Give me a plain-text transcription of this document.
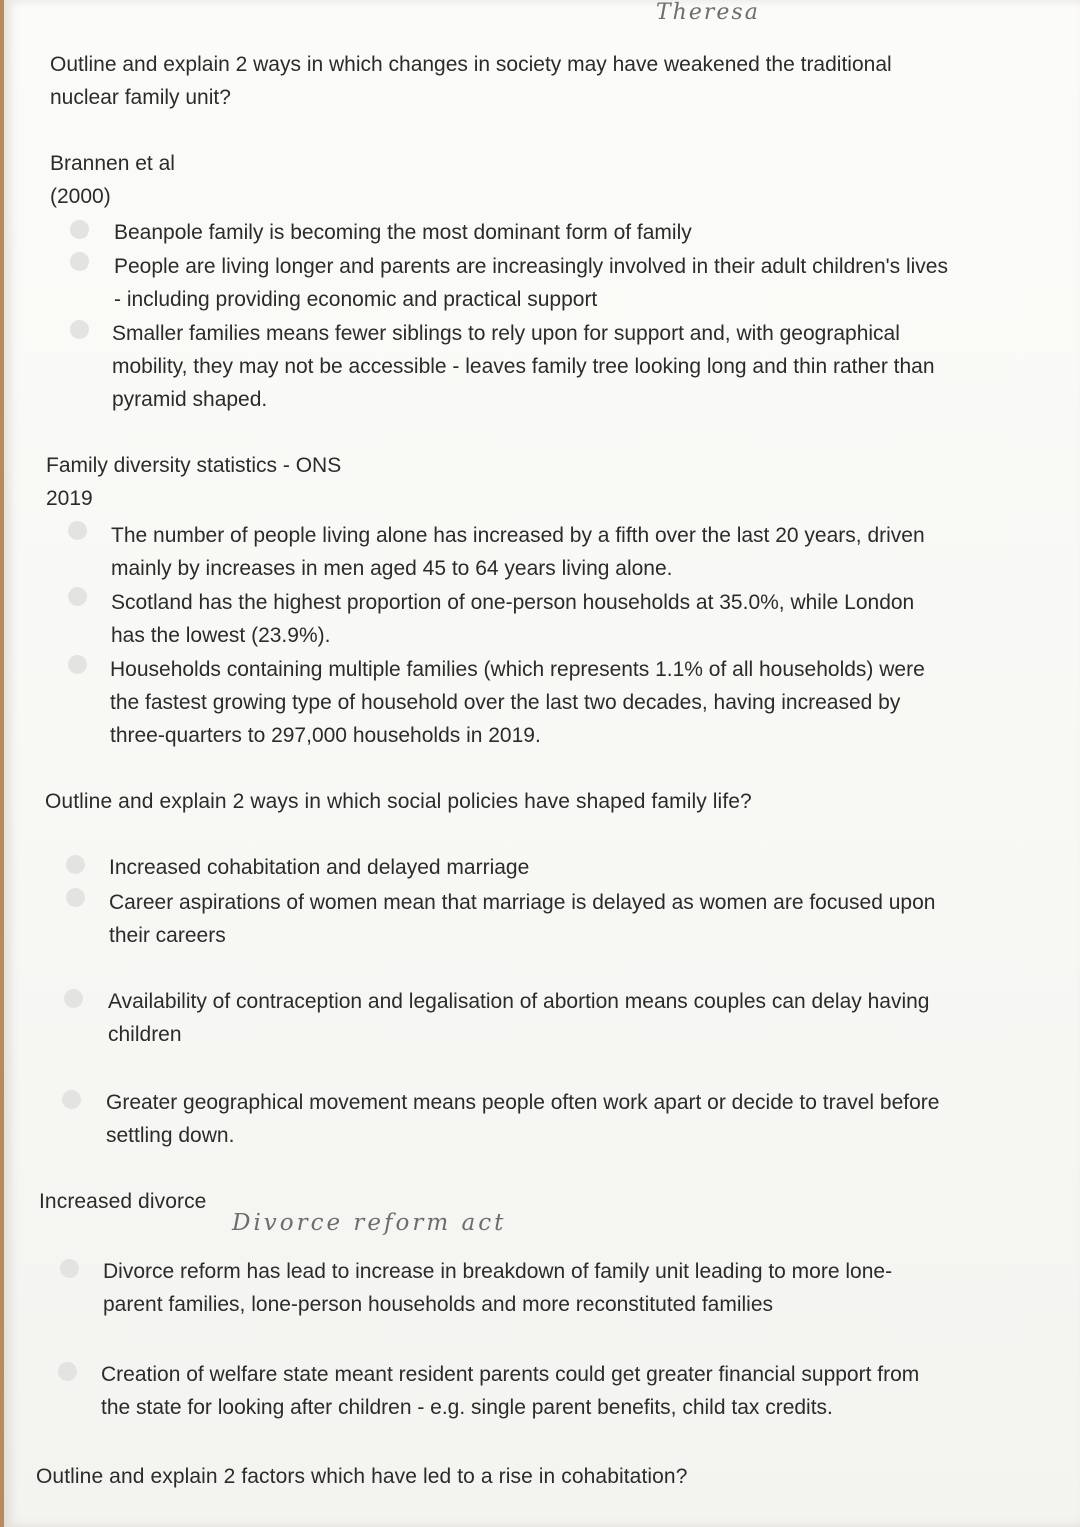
Theresa
Outline and explain 2 ways in which changes in society may have weakened the traditional
nuclear family unit?
Brannen et al
(2000)
Beanpole family is becoming the most dominant form of family
People are living longer and parents are increasingly involved in their adult children's lives
- including providing economic and practical support
Smaller families means fewer siblings to rely upon for support and, with geographical
mobility, they may not be accessible - leaves family tree looking long and thin rather than
pyramid shaped.
Family diversity statistics - ONS
2019
The number of people living alone has increased by a fifth over the last 20 years, driven
mainly by increases in men aged 45 to 64 years living alone.
Scotland has the highest proportion of one-person households at 35.0%, while London
has the lowest (23.9%).
Households containing multiple families (which represents 1.1% of all households) were
the fastest growing type of household over the last two decades, having increased by
three-quarters to 297,000 households in 2019.
Outline and explain 2 ways in which social policies have shaped family life?
Increased cohabitation and delayed marriage
Career aspirations of women mean that marriage is delayed as women are focused upon
their careers
Availability of contraception and legalisation of abortion means couples can delay having
children
Greater geographical movement means people often work apart or decide to travel before
settling down.
Increased divorce
Divorce reform act
Divorce reform has lead to increase in breakdown of family unit leading to more lone-
parent families, lone-person households and more reconstituted families
Creation of welfare state meant resident parents could get greater financial support from
the state for looking after children - e.g. single parent benefits, child tax credits.
Outline and explain 2 factors which have led to a rise in cohabitation?
